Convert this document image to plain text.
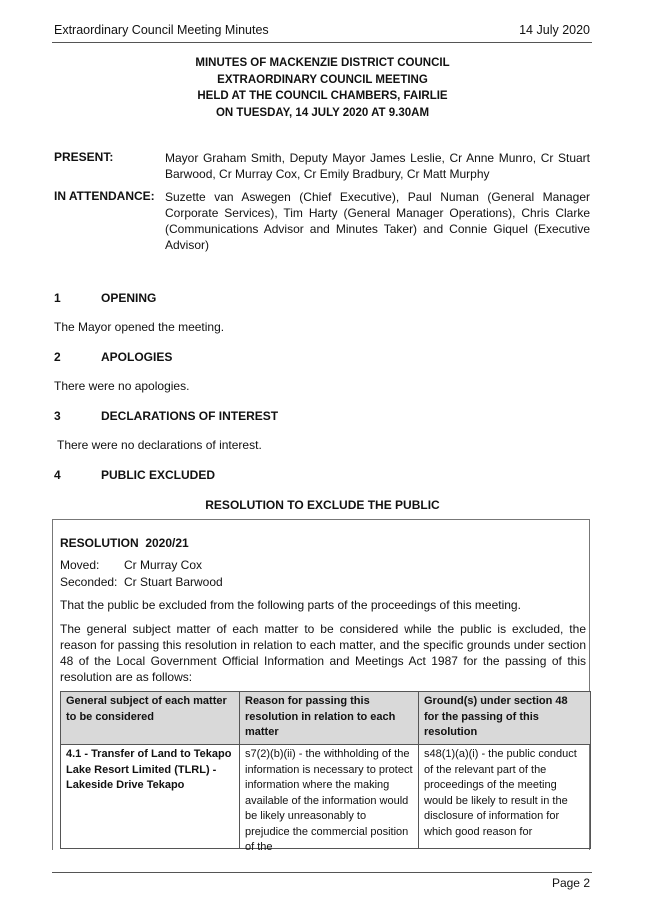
Extraordinary Council Meeting Minutes	14 July 2020
MINUTES OF MACKENZIE DISTRICT COUNCIL
EXTRAORDINARY COUNCIL MEETING
HELD AT THE COUNCIL CHAMBERS, FAIRLIE
ON TUESDAY, 14 JULY 2020 AT 9.30AM
PRESENT:	Mayor Graham Smith, Deputy Mayor James Leslie, Cr Anne Munro, Cr Stuart Barwood, Cr Murray Cox, Cr Emily Bradbury, Cr Matt Murphy
IN ATTENDANCE: Suzette van Aswegen (Chief Executive), Paul Numan (General Manager Corporate Services), Tim Harty (General Manager Operations), Chris Clarke (Communications Advisor and Minutes Taker) and Connie Giquel (Executive Advisor)
1	OPENING
The Mayor opened the meeting.
2	APOLOGIES
There were no apologies.
3	DECLARATIONS OF INTEREST
There were no declarations of interest.
4	PUBLIC EXCLUDED
RESOLUTION TO EXCLUDE THE PUBLIC
RESOLUTION  2020/21
Moved: Cr Murray Cox
Seconded: Cr Stuart Barwood
That the public be excluded from the following parts of the proceedings of this meeting.
The general subject matter of each matter to be considered while the public is excluded, the reason for passing this resolution in relation to each matter, and the specific grounds under section 48 of the Local Government Official Information and Meetings Act 1987 for the passing of this resolution are as follows:
General subject of each matter to be considered	Reason for passing this resolution in relation to each matter	Ground(s) under section 48 for the passing of this resolution

4.1 - Transfer of Land to Tekapo Lake Resort Limited (TLRL) - Lakeside Drive Tekapo	s7(2)(b)(ii) - the withholding of the information is necessary to protect information where the making available of the information would be likely unreasonably to prejudice the commercial position of the	s48(1)(a)(i) - the public conduct of the relevant part of the proceedings of the meeting would be likely to result in the disclosure of information for which good reason for
Page 2
